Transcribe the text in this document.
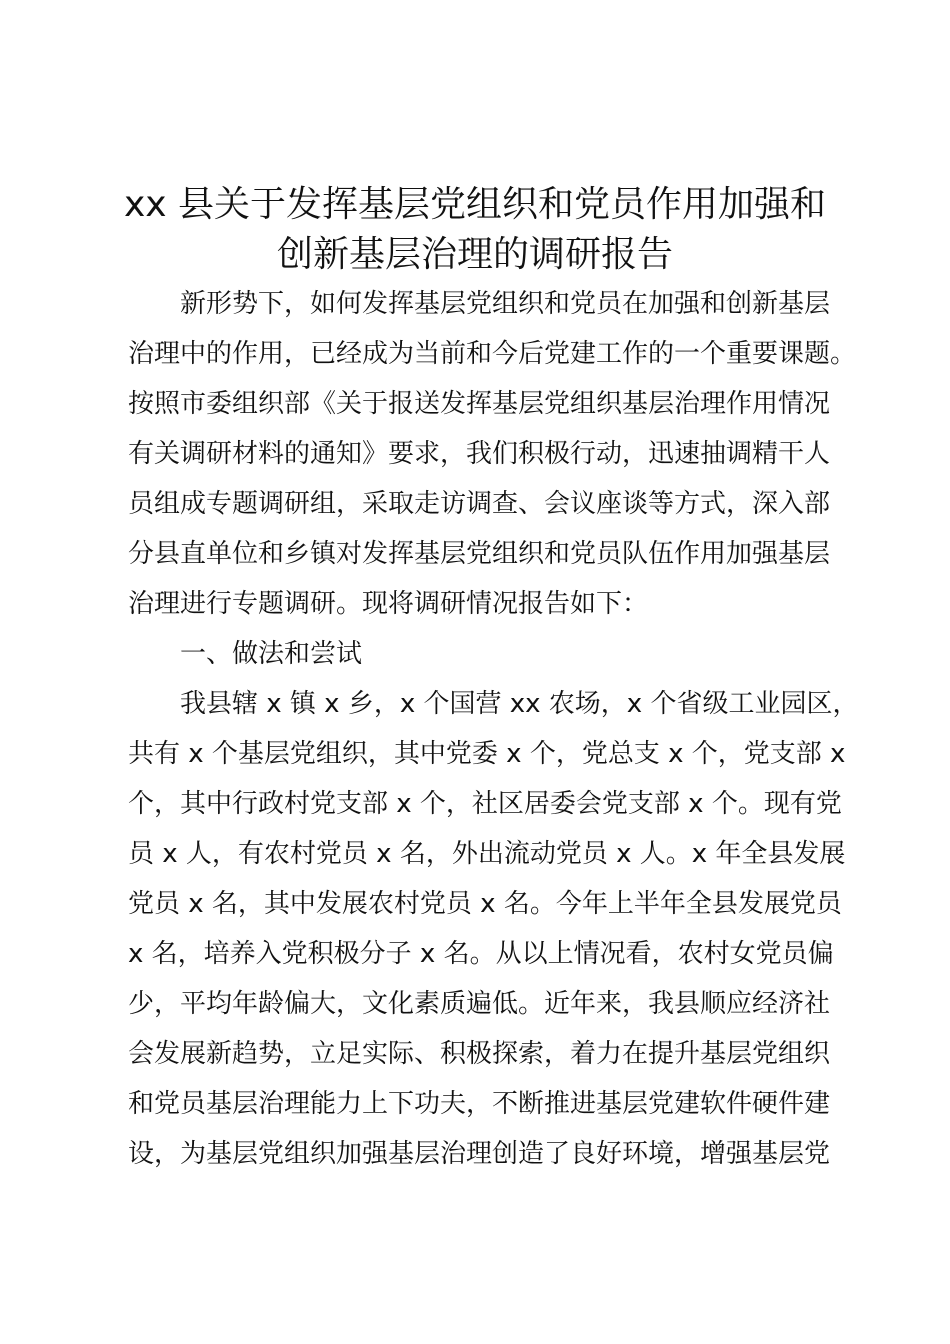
xx 县关于发挥基层党组织和党员作用加强和
创新基层治理的调研报告
新形势下，如何发挥基层党组织和党员在加强和创新基层
治理中的作用，已经成为当前和今后党建工作的一个重要课题。
按照市委组织部《关于报送发挥基层党组织基层治理作用情况
有关调研材料的通知》要求，我们积极行动，迅速抽调精干人
员组成专题调研组，采取走访调查、会议座谈等方式，深入部
分县直单位和乡镇对发挥基层党组织和党员队伍作用加强基层
治理进行专题调研。现将调研情况报告如下：
一、做法和尝试
我县辖 x 镇 x 乡，x 个国营 xx 农场，x 个省级工业园区，
共有 x 个基层党组织，其中党委 x 个，党总支 x 个，党支部 x
个，其中行政村党支部 x 个，社区居委会党支部 x 个。现有党
员 x 人，有农村党员 x 名，外出流动党员 x 人。x 年全县发展
党员 x 名，其中发展农村党员 x 名。今年上半年全县发展党员
x 名，培养入党积极分子 x 名。从以上情况看，农村女党员偏
少，平均年龄偏大，文化素质遍低。近年来，我县顺应经济社
会发展新趋势，立足实际、积极探索，着力在提升基层党组织
和党员基层治理能力上下功夫，不断推进基层党建软件硬件建
设，为基层党组织加强基层治理创造了良好环境，增强基层党
